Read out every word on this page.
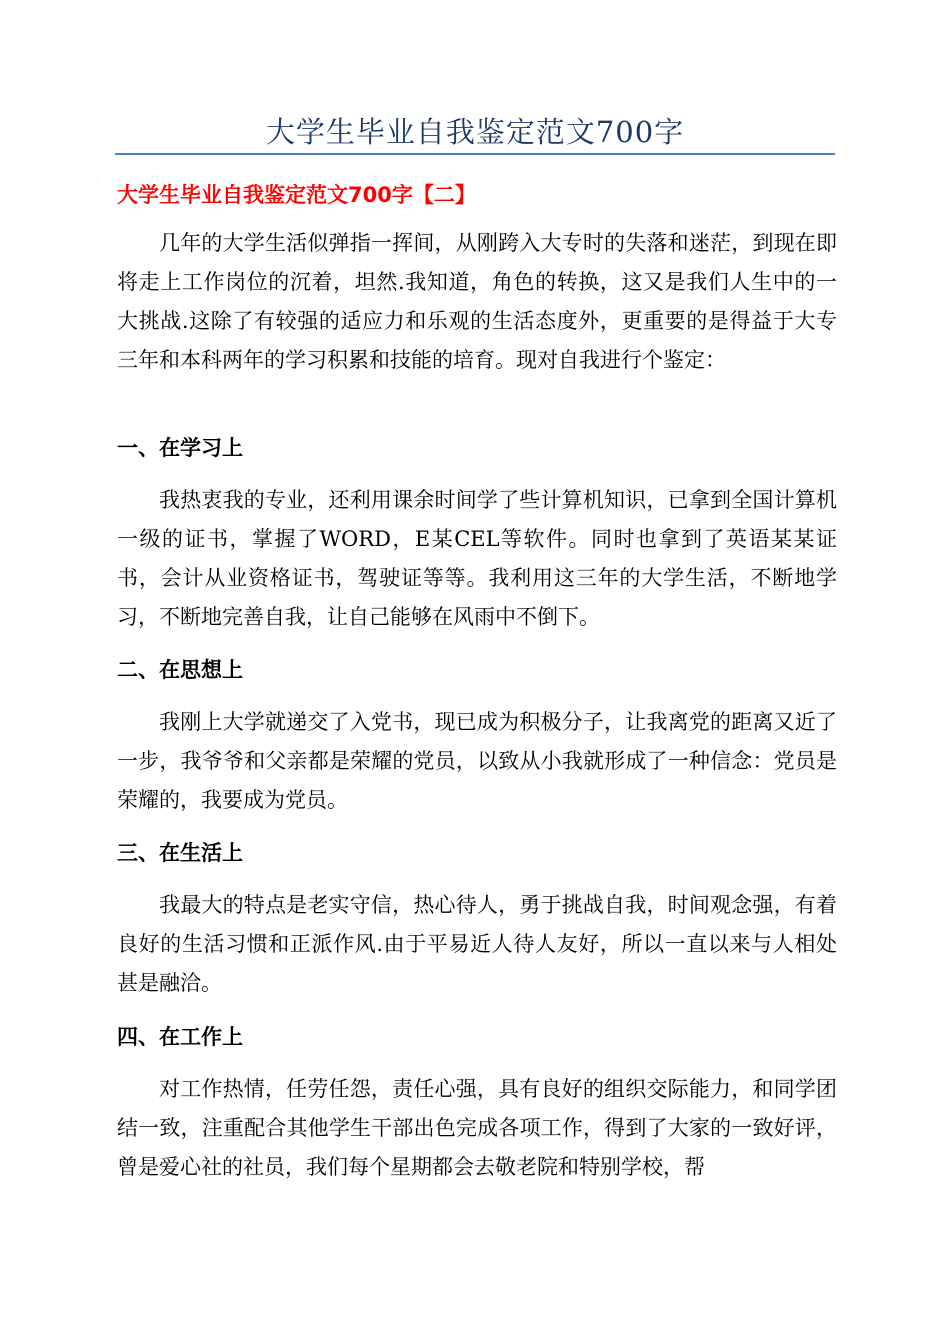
大学生毕业自我鉴定范文700字
大学生毕业自我鉴定范文700字【二】

几年的大学生活似弹指一挥间，从刚跨入大专时的失落和迷茫，到现在即将走上工作岗位的沉着，坦然.我知道，角色的转换，这又是我们人生中的一大挑战.这除了有较强的适应力和乐观的生活态度外，更重要的是得益于大专三年和本科两年的学习积累和技能的培育。现对自我进行个鉴定：

一、在学习上

我热衷我的专业，还利用课余时间学了些计算机知识，已拿到全国计算机一级的证书，掌握了WORD，E某CEL等软件。同时也拿到了英语某某证书，会计从业资格证书，驾驶证等等。我利用这三年的大学生活，不断地学习，不断地完善自我，让自己能够在风雨中不倒下。

二、在思想上

我刚上大学就递交了入党书，现已成为积极分子，让我离党的距离又近了一步，我爷爷和父亲都是荣耀的党员，以致从小我就形成了一种信念：党员是荣耀的，我要成为党员。

三、在生活上

我最大的特点是老实守信，热心待人，勇于挑战自我，时间观念强，有着良好的生活习惯和正派作风.由于平易近人待人友好，所以一直以来与人相处甚是融洽。

四、在工作上

对工作热情，任劳任怨，责任心强，具有良好的组织交际能力，和同学团结一致，注重配合其他学生干部出色完成各项工作，得到了大家的一致好评，曾是爱心社的社员，我们每个星期都会去敬老院和特别学校，帮
